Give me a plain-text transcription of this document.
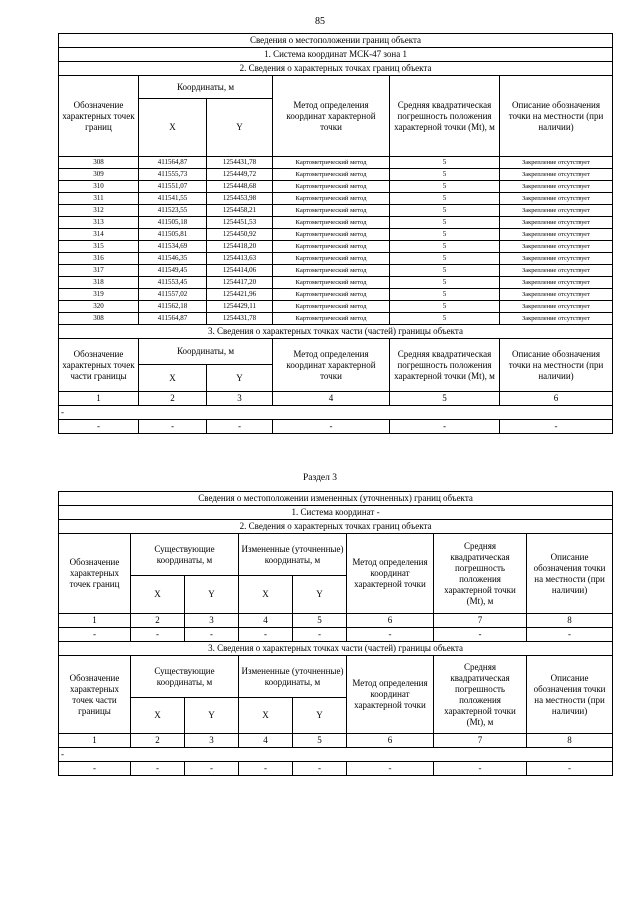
85
Сведения о местоположении границ объекта					
1. Система координат МСК-47 зона 1					
2. Сведения о характерных точках границ объекта					
Обозначение характерных точек границ	Координаты, м		Метод определения координат характерной точки	Средняя квадратическая погрешность положения характерной точки (Mt), м	Описание обозначения точки на местности (при наличии)
	X	Y			
308	411564,87	1254431,78	Картометрический метод	5	Закрепление отсутствует
309	411555,73	1254449,72	Картометрический метод	5	Закрепление отсутствует
310	411551,07	1254448,68	Картометрический метод	5	Закрепление отсутствует
311	411541,55	1254453,98	Картометрический метод	5	Закрепление отсутствует
312	411523,55	1254458,21	Картометрический метод	5	Закрепление отсутствует
313	411505,18	1254451,53	Картометрический метод	5	Закрепление отсутствует
314	411505,81	1254450,92	Картометрический метод	5	Закрепление отсутствует
315	411534,69	1254418,20	Картометрический метод	5	Закрепление отсутствует
316	411546,35	1254413,63	Картометрический метод	5	Закрепление отсутствует
317	411549,45	1254414,06	Картометрический метод	5	Закрепление отсутствует
318	411553,45	1254417,20	Картометрический метод	5	Закрепление отсутствует
319	411557,02	1254421,96	Картометрический метод	5	Закрепление отсутствует
320	411562,18	1254429,11	Картометрический метод	5	Закрепление отсутствует
308	411564,87	1254431,78	Картометрический метод	5	Закрепление отсутствует
3. Сведения о характерных точках части (частей) границы объекта					
Обозначение характерных точек части границы	Координаты, м		Метод определения координат характерной точки	Средняя квадратическая погрешность положения характерной точки (Mt), м	Описание обозначения точки на местности (при наличии)
	X	Y			
1	2	3	4	5	6
-					
-	-	-	-	-	-
Раздел 3
Сведения о местоположении измененных (уточненных) границ объекта							
1. Система координат -							
2. Сведения о характерных точках границ объекта							
Обозначение характерных точек границ	Существующие координаты, м		Измененные (уточненные) координаты, м		Метод определения координат характерной точки	Средняя квадратическая погрешность положения характерной точки (Mt), м	Описание обозначения точки на местности (при наличии)
	X	Y	X	Y			
1	2	3	4	5	6	7	8
-	-	-	-	-	-	-	-
3. Сведения о характерных точках части (частей) границы объекта							
Обозначение характерных точек части границы	Существующие координаты, м		Измененные (уточненные) координаты, м		Метод определения координат характерной точки	Средняя квадратическая погрешность положения характерной точки (Mt), м	Описание обозначения точки на местности (при наличии)
	X	Y	X	Y			
1	2	3	4	5	6	7	8
-							
-	-	-	-	-	-	-	-
